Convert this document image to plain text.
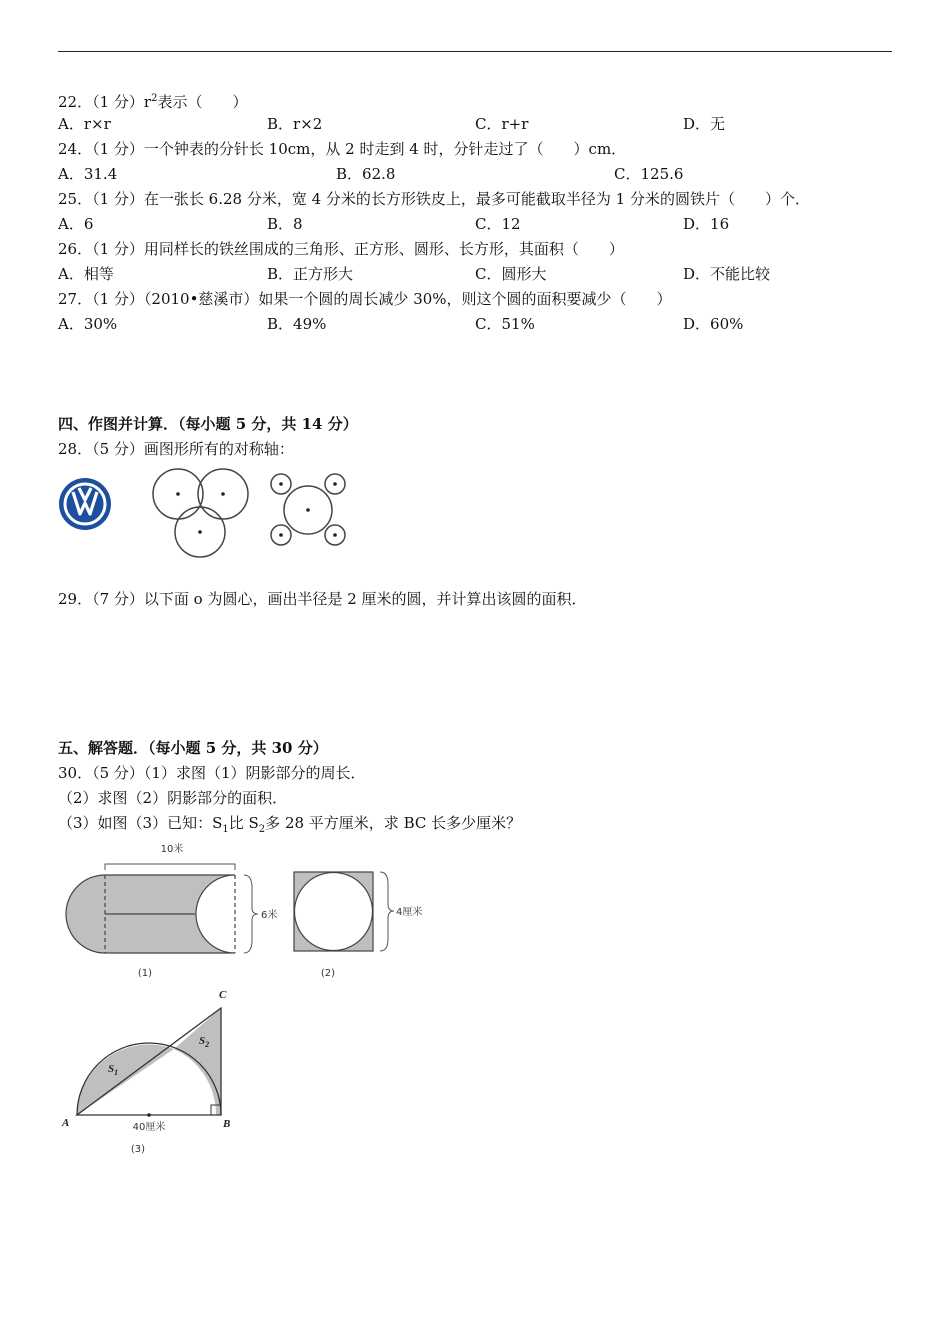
22．（1 分）$r^2$表示（　　）
A．r×r	B．r×2	C．r+r	D．无
24．（1 分）一个钟表的分针长 10cm，从 2 时走到 4 时，分针走过了（　　）cm．
A．31.4	B．62.8	C．125.6
25．（1 分）在一张长 6.28 分米，宽 4 分米的长方形铁皮上，最多可能截取半径为 1 分米的圆铁片（　　）个．
A．6	B．8	C．12	D．16
26．（1 分）用同样长的铁丝围成的三角形、正方形、圆形、长方形，其面积（　　）
A．相等	B．正方形大	C．圆形大	D．不能比较
27．（1 分）（2010•慈溪市）如果一个圆的周长减少 30%，则这个圆的面积要减少（　　）
A．30%	B．49%	C．51%	D．60%
四、作图并计算．（每小题 5 分，共 14 分）
28．（5 分）画图形所有的对称轴：
29．（7 分）以下面 o 为圆心，画出半径是 2 厘米的圆，并计算出该圆的面积．
五、解答题．（每小题 5 分，共 30 分）
30．（5 分）（1）求图（1）阴影部分的周长．
（2）求图（2）阴影部分的面积．
（3）如图（3）已知：$S_1$比 $S_2$多 28 平方厘米，求 BC 长多少厘米？
10米
6米
(1)
4厘米
(2)
A	B
C
$S_1$
$S_2$
40厘米
(3)
